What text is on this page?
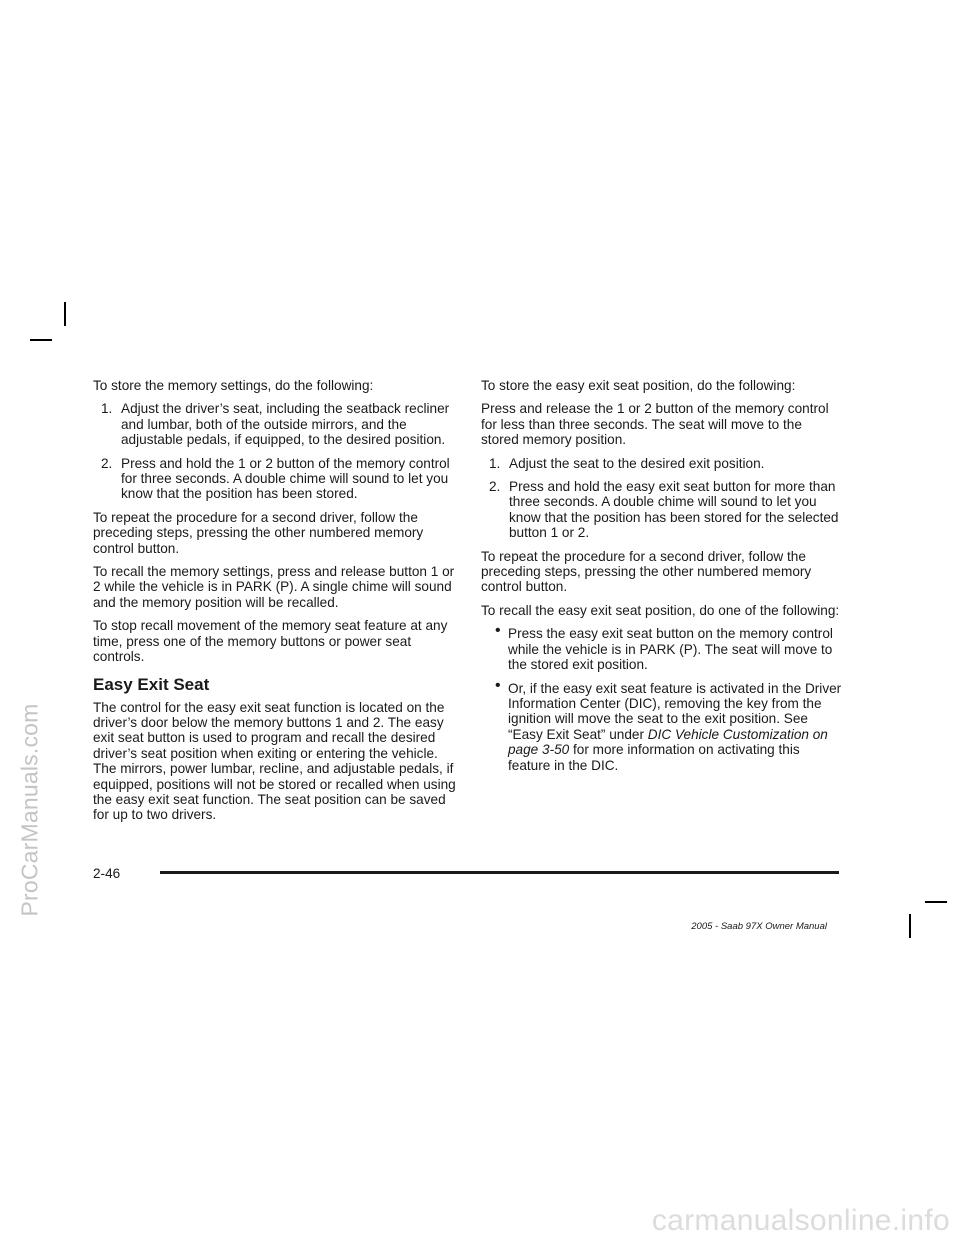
ProCarManuals.com
carmanualsonline.info

To store the memory settings, do the following:

1. Adjust the driver’s seat, including the seatback recliner and lumbar, both of the outside mirrors, and the adjustable pedals, if equipped, to the desired position.
2. Press and hold the 1 or 2 button of the memory control for three seconds. A double chime will sound to let you know that the position has been stored.

To repeat the procedure for a second driver, follow the preceding steps, pressing the other numbered memory control button.

To recall the memory settings, press and release button 1 or 2 while the vehicle is in PARK (P). A single chime will sound and the memory position will be recalled.

To stop recall movement of the memory seat feature at any time, press one of the memory buttons or power seat controls.

Easy Exit Seat

The control for the easy exit seat function is located on the driver’s door below the memory buttons 1 and 2. The easy exit seat button is used to program and recall the desired driver’s seat position when exiting or entering the vehicle. The mirrors, power lumbar, recline, and adjustable pedals, if equipped, positions will not be stored or recalled when using the easy exit seat function. The seat position can be saved for up to two drivers.

To store the easy exit seat position, do the following:

Press and release the 1 or 2 button of the memory control for less than three seconds. The seat will move to the stored memory position.

1. Adjust the seat to the desired exit position.
2. Press and hold the easy exit seat button for more than three seconds. A double chime will sound to let you know that the position has been stored for the selected button 1 or 2.

To repeat the procedure for a second driver, follow the preceding steps, pressing the other numbered memory control button.

To recall the easy exit seat position, do one of the following:

• Press the easy exit seat button on the memory control while the vehicle is in PARK (P). The seat will move to the stored exit position.
• Or, if the easy exit seat feature is activated in the Driver Information Center (DIC), removing the key from the ignition will move the seat to the exit position. See “Easy Exit Seat” under DIC Vehicle Customization on page 3-50 for more information on activating this feature in the DIC.
2-46
2005 - Saab 97X Owner Manual
